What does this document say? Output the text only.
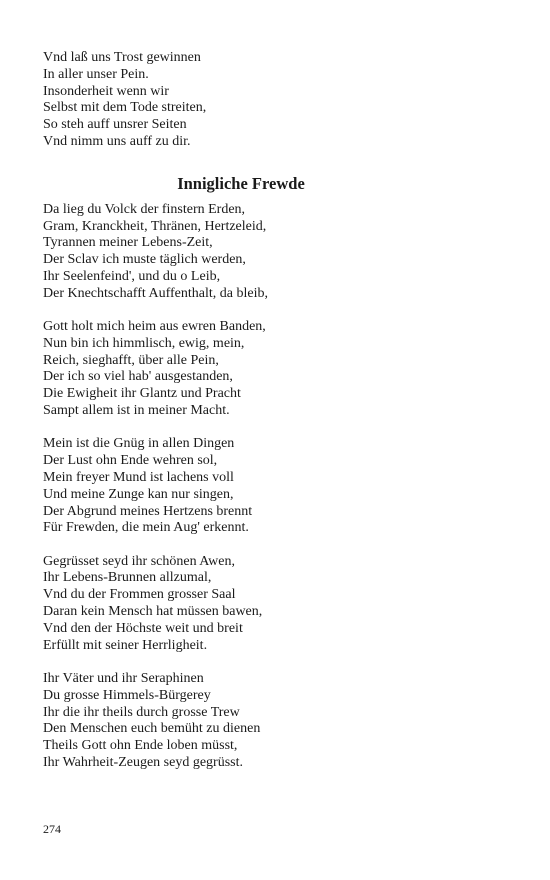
Vnd laß uns Trost gewinnen
In aller unser Pein.
Insonderheit wenn wir
Selbst mit dem Tode streiten,
So steh auff unsrer Seiten
Vnd nimm uns auff zu dir.
Innigliche Frewde
Da lieg du Volck der finstern Erden,
Gram, Kranckheit, Thränen, Hertzeleid,
Tyrannen meiner Lebens-Zeit,
Der Sclav ich muste täglich werden,
Ihr Seelenfeind', und du o Leib,
Der Knechtschafft Auffenthalt, da bleib,
Gott holt mich heim aus ewren Banden,
Nun bin ich himmlisch, ewig, mein,
Reich, sieghafft, über alle Pein,
Der ich so viel hab' ausgestanden,
Die Ewigheit ihr Glantz und Pracht
Sampt allem ist in meiner Macht.
Mein ist die Gnüg in allen Dingen
Der Lust ohn Ende wehren sol,
Mein freyer Mund ist lachens voll
Und meine Zunge kan nur singen,
Der Abgrund meines Hertzens brennt
Für Frewden, die mein Aug' erkennt.
Gegrüsset seyd ihr schönen Awen,
Ihr Lebens-Brunnen allzumal,
Vnd du der Frommen grosser Saal
Daran kein Mensch hat müssen bawen,
Vnd den der Höchste weit und breit
Erfüllt mit seiner Herrligheit.
Ihr Väter und ihr Seraphinen
Du grosse Himmels-Bürgerey
Ihr die ihr theils durch grosse Trew
Den Menschen euch bemüht zu dienen
Theils Gott ohn Ende loben müsst,
Ihr Wahrheit-Zeugen seyd gegrüsst.
274
